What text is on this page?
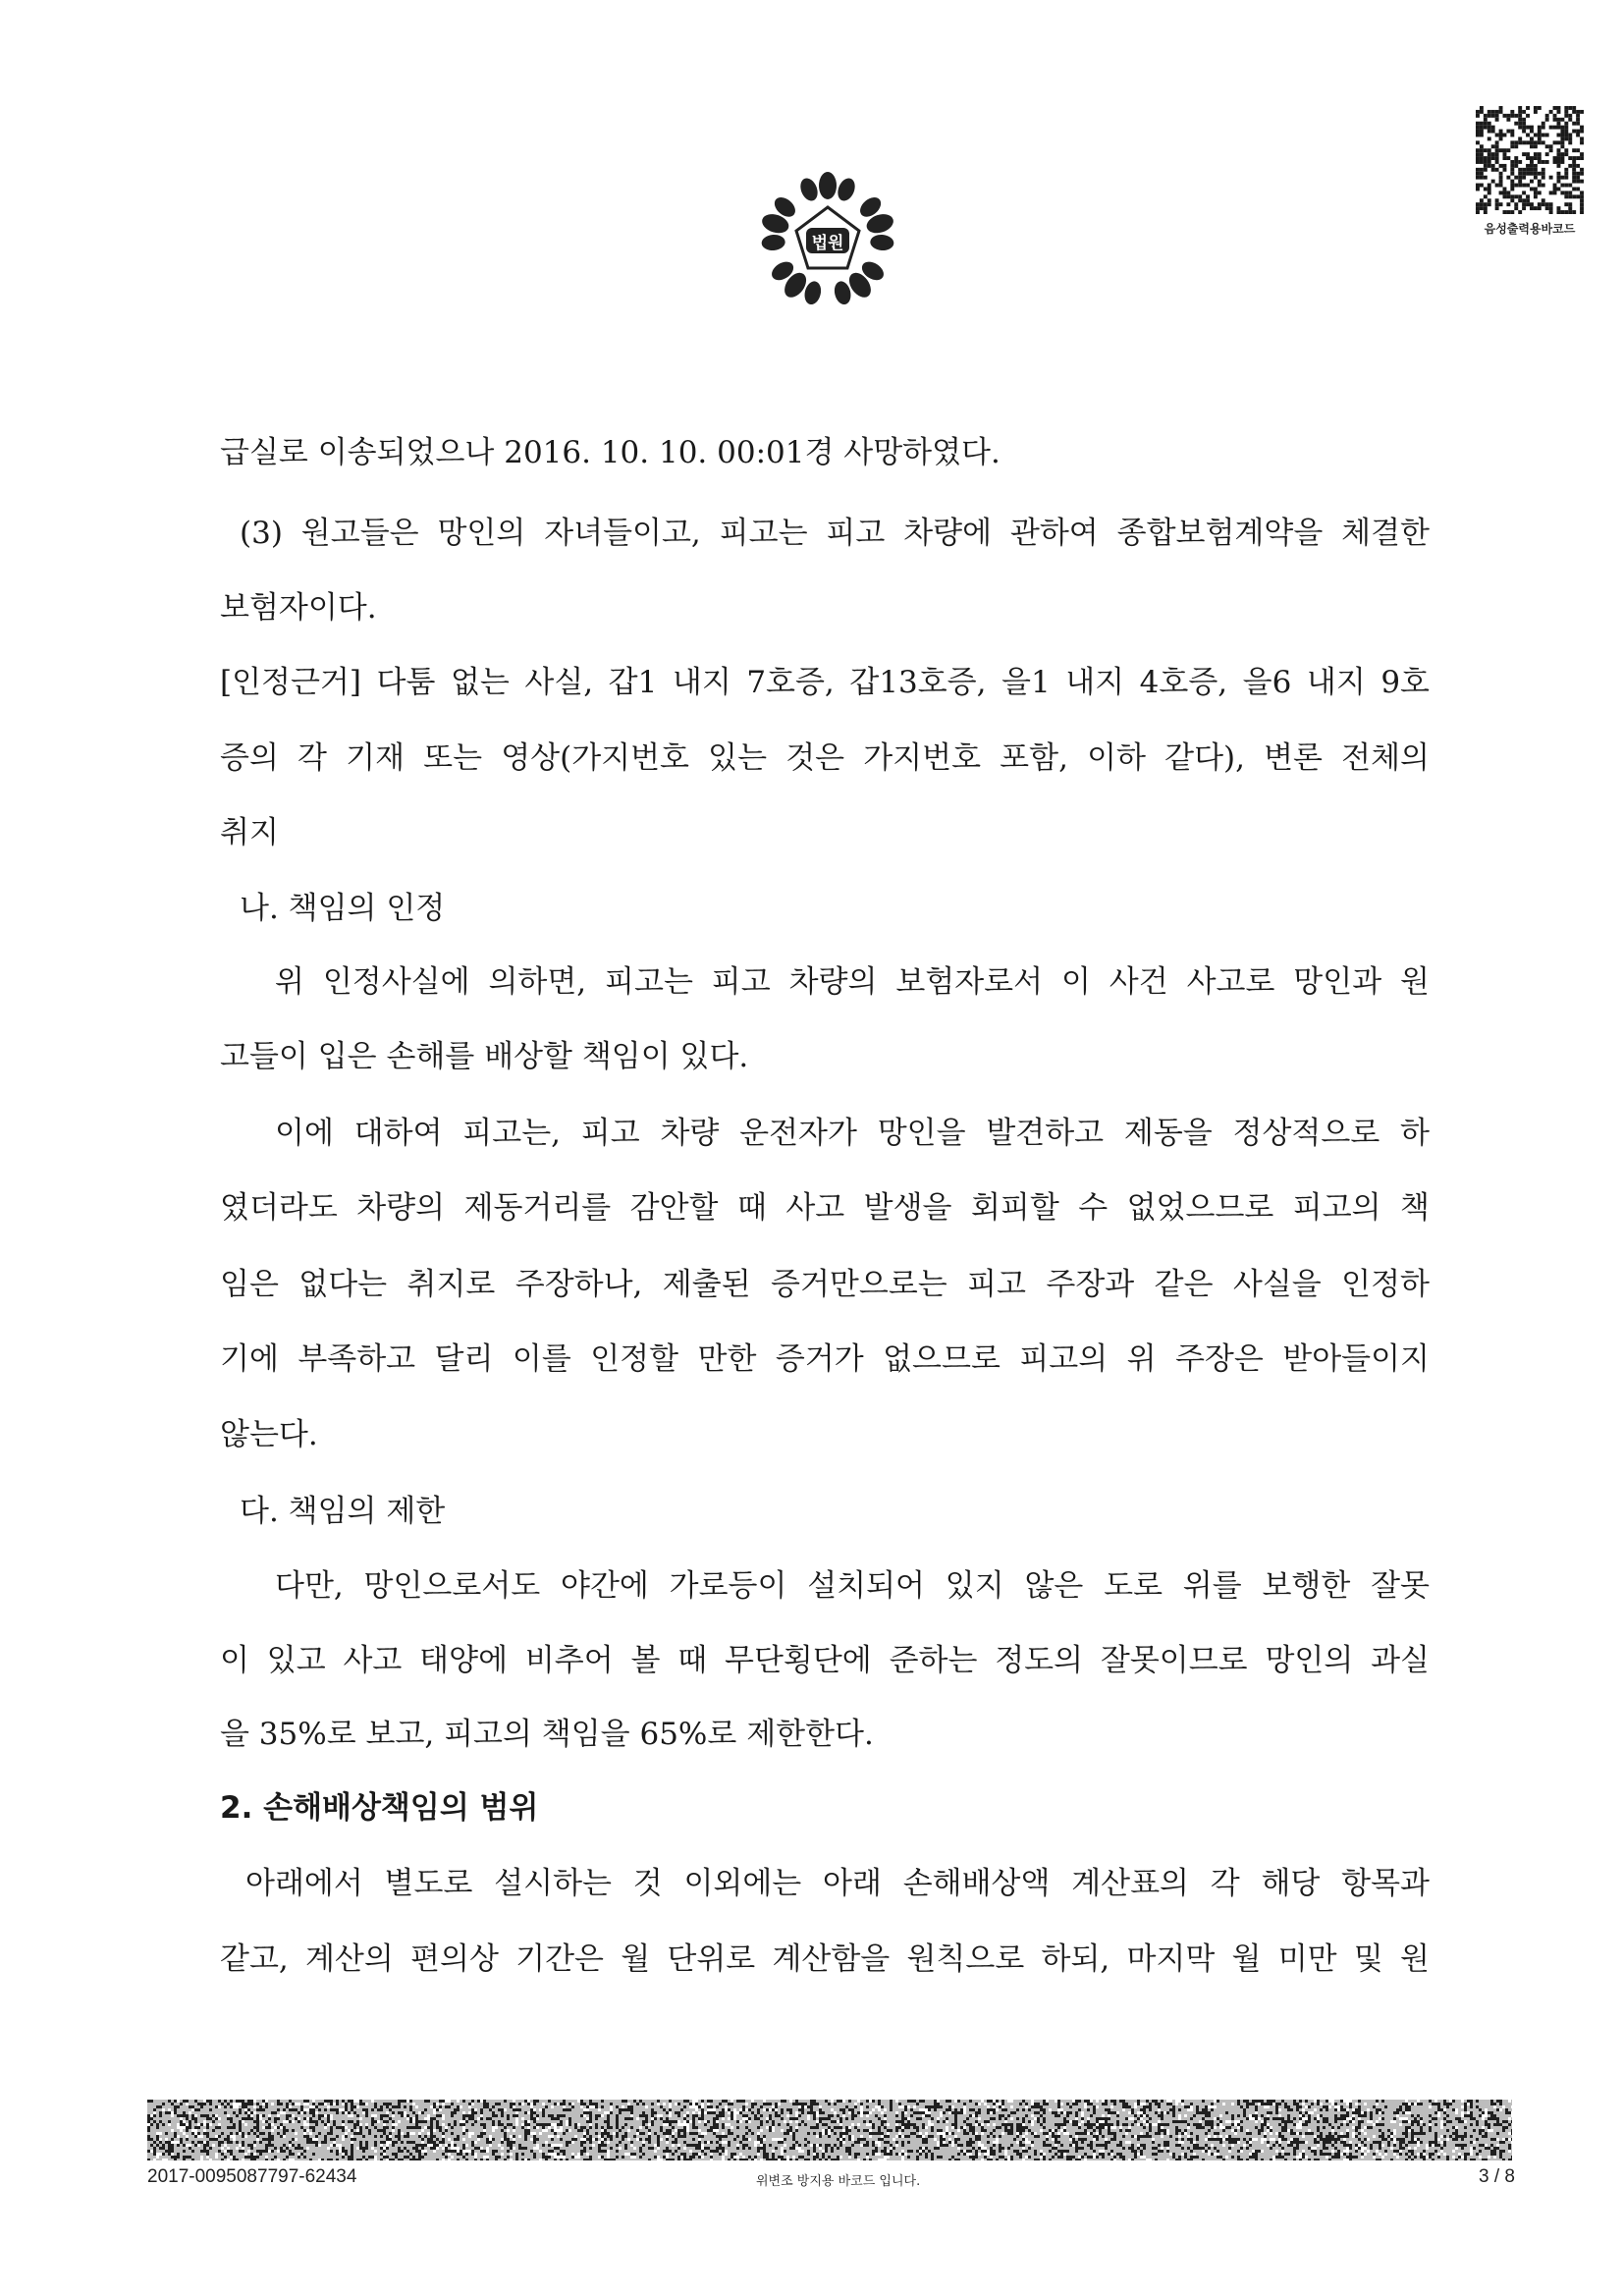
법원
음성출력용바코드
급실로 이송되었으나 2016. 10. 10. 00:01경 사망하였다.
(3) 원고들은 망인의 자녀들이고, 피고는 피고 차량에 관하여 종합보험계약을 체결한
보험자이다.
[인정근거] 다툼 없는 사실, 갑1 내지 7호증, 갑13호증, 을1 내지 4호증, 을6 내지 9호
증의 각 기재 또는 영상(가지번호 있는 것은 가지번호 포함, 이하 같다), 변론 전체의
취지
나. 책임의 인정
위 인정사실에 의하면, 피고는 피고 차량의 보험자로서 이 사건 사고로 망인과 원
고들이 입은 손해를 배상할 책임이 있다.
이에 대하여 피고는, 피고 차량 운전자가 망인을 발견하고 제동을 정상적으로 하
였더라도 차량의 제동거리를 감안할 때 사고 발생을 회피할 수 없었으므로 피고의 책
임은 없다는 취지로 주장하나, 제출된 증거만으로는 피고 주장과 같은 사실을 인정하
기에 부족하고 달리 이를 인정할 만한 증거가 없으므로 피고의 위 주장은 받아들이지
않는다.
다. 책임의 제한
다만, 망인으로서도 야간에 가로등이 설치되어 있지 않은 도로 위를 보행한 잘못
이 있고 사고 태양에 비추어 볼 때 무단횡단에 준하는 정도의 잘못이므로 망인의 과실
을 35%로 보고, 피고의 책임을 65%로 제한한다.
2. 손해배상책임의 범위
아래에서 별도로 설시하는 것 이외에는 아래 손해배상액 계산표의 각 해당 항목과
같고, 계산의 편의상 기간은 월 단위로 계산함을 원칙으로 하되, 마지막 월 미만 및 원
2017-0095087797-62434	위변조 방지용 바코드 입니다.	3 / 8
